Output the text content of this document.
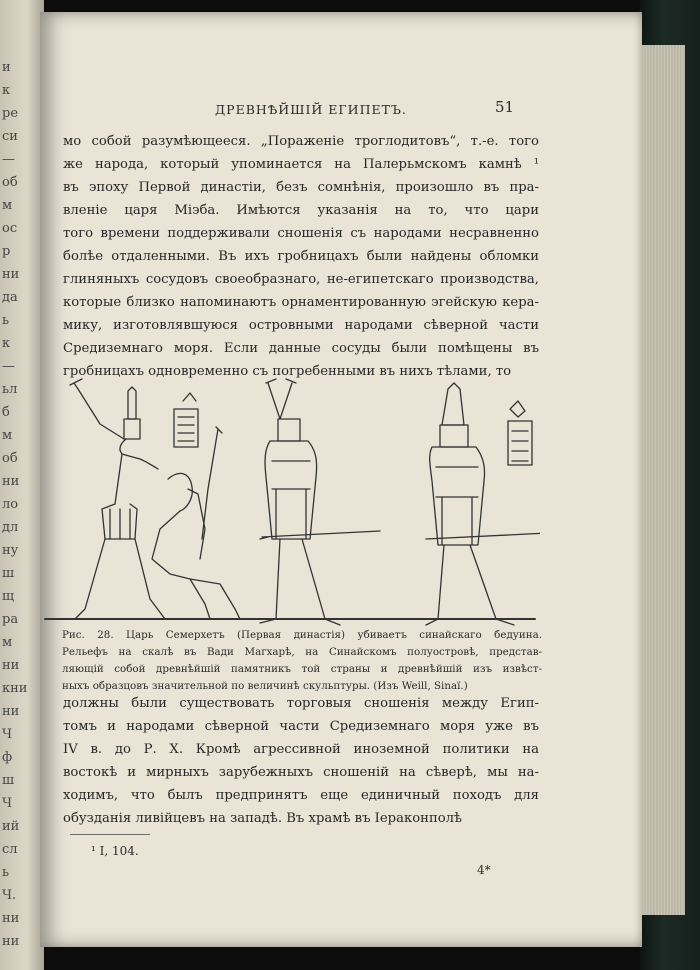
и
к
ре
си
—
об
м
ос
р
ни
да
ь
к
—
ьл
б
м
об
ни
ло
дл
ну
ш
щ
ра
м
ни
кни
ни
Ч
ф
ш
Ч
ий
сл
ь
Ч.
ни
ни
ДРЕВНѢЙШІЙ ЕГИПЕТЪ.	51
мо собой разумѣющееся. „Пораженіе троглодитовъ“, т.-е. того
же народа, который упоминается на Палерьмскомъ камнѣ ¹
въ эпоху Первой династіи, безъ сомнѣнія, произошло въ пра-
вленіе царя Міэба. Имѣются указанія на то, что цари
того времени поддерживали сношенія съ народами несравненно
болѣе отдаленными. Въ ихъ гробницахъ были найдены обломки
глиняныхъ сосудовъ своеобразнаго, не-египетскаго производства,
которые близко напоминаютъ орнаментированную эгейскую кера-
мику, изготовлявшуюся островными народами сѣверной части
Средиземнаго моря. Если данные сосуды были помѣщены въ
гробницахъ одновременно съ погребенными въ нихъ тѣлами, то
Рис. 28. Царь Семерхетъ (Первая династія) убиваетъ синайскаго бедуина.
Рельефъ на скалѣ въ Вади Магхарѣ, на Синайскомъ полуостровѣ, представ-
ляющій собой древнѣйшій памятникъ той страны и древнѣйшій изъ извѣст-
ныхъ образцовъ значительной по величинѣ скульптуры. (Изъ Weill, Sinaï.)
должны были существовать торговыя сношенія между Егип-
томъ и народами сѣверной части Средиземнаго моря уже въ
IV в. до Р. Х. Кромѣ агрессивной иноземной политики на
востокѣ и мирныхъ зарубежныхъ сношеній на сѣверѣ, мы на-
ходимъ, что былъ предпринятъ еще единичный походъ для
обузданія ливійцевъ на западѣ. Въ храмѣ въ Іераконполѣ
¹ I, 104.
4*
